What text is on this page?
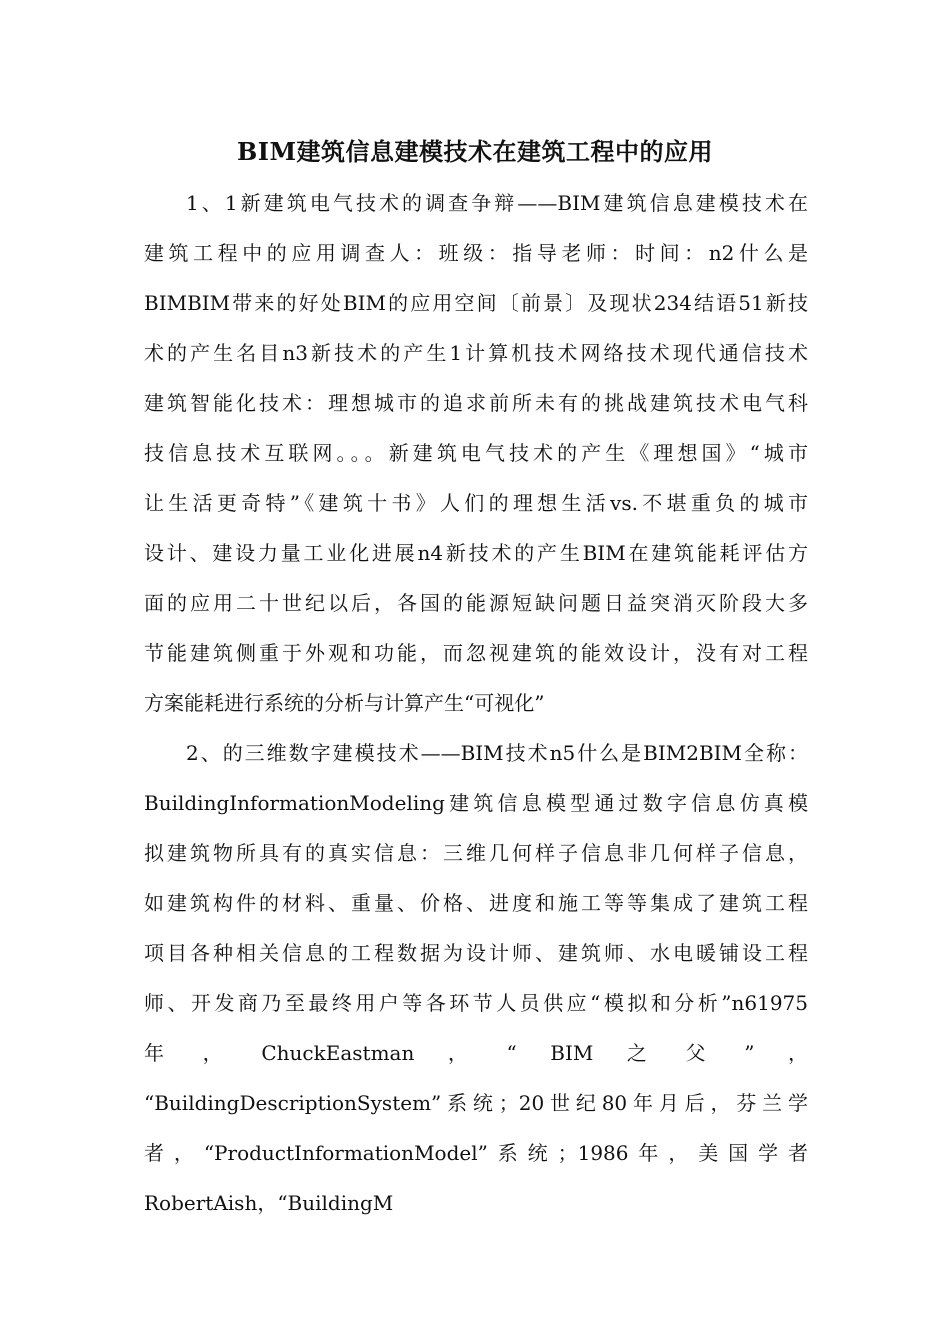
BIM建筑信息建模技术在建筑工程中的应用
1、1新建筑电气技术的调查争辩——BIM建筑信息建模技术在
建筑工程中的应用调查人：班级：指导老师：时间：n2什么是
BIMBIM带来的好处BIM的应用空间〔前景〕及现状234结语51新技
术的产生名目n3新技术的产生1计算机技术网络技术现代通信技术
建筑智能化技术：理想城市的追求前所未有的挑战建筑技术电气科
技信息技术互联网。。。新建筑电气技术的产生《理想国》“城市
让生活更奇特”《建筑十书》人们的理想生活vs.不堪重负的城市
设计、建设力量工业化进展n4新技术的产生BIM在建筑能耗评估方
面的应用二十世纪以后，各国的能源短缺问题日益突消灭阶段大多
节能建筑侧重于外观和功能，而忽视建筑的能效设计，没有对工程
方案能耗进行系统的分析与计算产生“可视化”
2、的三维数字建模技术——BIM技术n5什么是BIM2BIM全称：
BuildingInformationModeling建筑信息模型通过数字信息仿真模
拟建筑物所具有的真实信息：三维几何样子信息非几何样子信息，
如建筑构件的材料、重量、价格、进度和施工等等集成了建筑工程
项目各种相关信息的工程数据为设计师、建筑师、水电暖铺设工程
师、开发商乃至最终用户等各环节人员供应“模拟和分析”n61975
年 ， ChuckEastman ， “ BIM 之 父 ” ，
“BuildingDescriptionSystem”系统；20世纪80年月后，芬兰学
者，“ProductInformationModel”系统；1986年，美国学者
RobertAish，“BuildingM
